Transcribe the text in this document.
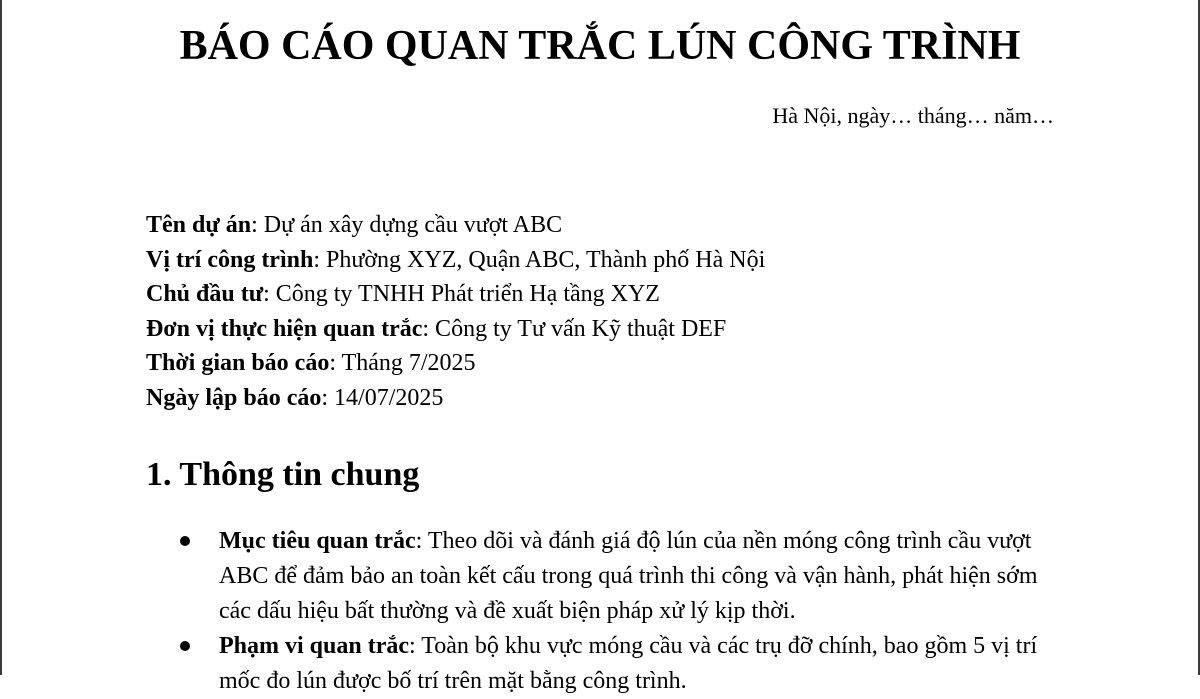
BÁO CÁO QUAN TRẮC LÚN CÔNG TRÌNH
Hà Nội, ngày… tháng… năm…
Tên dự án: Dự án xây dựng cầu vượt ABC
Vị trí công trình: Phường XYZ, Quận ABC, Thành phố Hà Nội
Chủ đầu tư: Công ty TNHH Phát triển Hạ tầng XYZ
Đơn vị thực hiện quan trắc: Công ty Tư vấn Kỹ thuật DEF
Thời gian báo cáo: Tháng 7/2025
Ngày lập báo cáo: 14/07/2025
1. Thông tin chung
Mục tiêu quan trắc: Theo dõi và đánh giá độ lún của nền móng công trình cầu vượt ABC để đảm bảo an toàn kết cấu trong quá trình thi công và vận hành, phát hiện sớm các dấu hiệu bất thường và đề xuất biện pháp xử lý kịp thời.
Phạm vi quan trắc: Toàn bộ khu vực móng cầu và các trụ đỡ chính, bao gồm 5 vị trí mốc đo lún được bố trí trên mặt bằng công trình.
